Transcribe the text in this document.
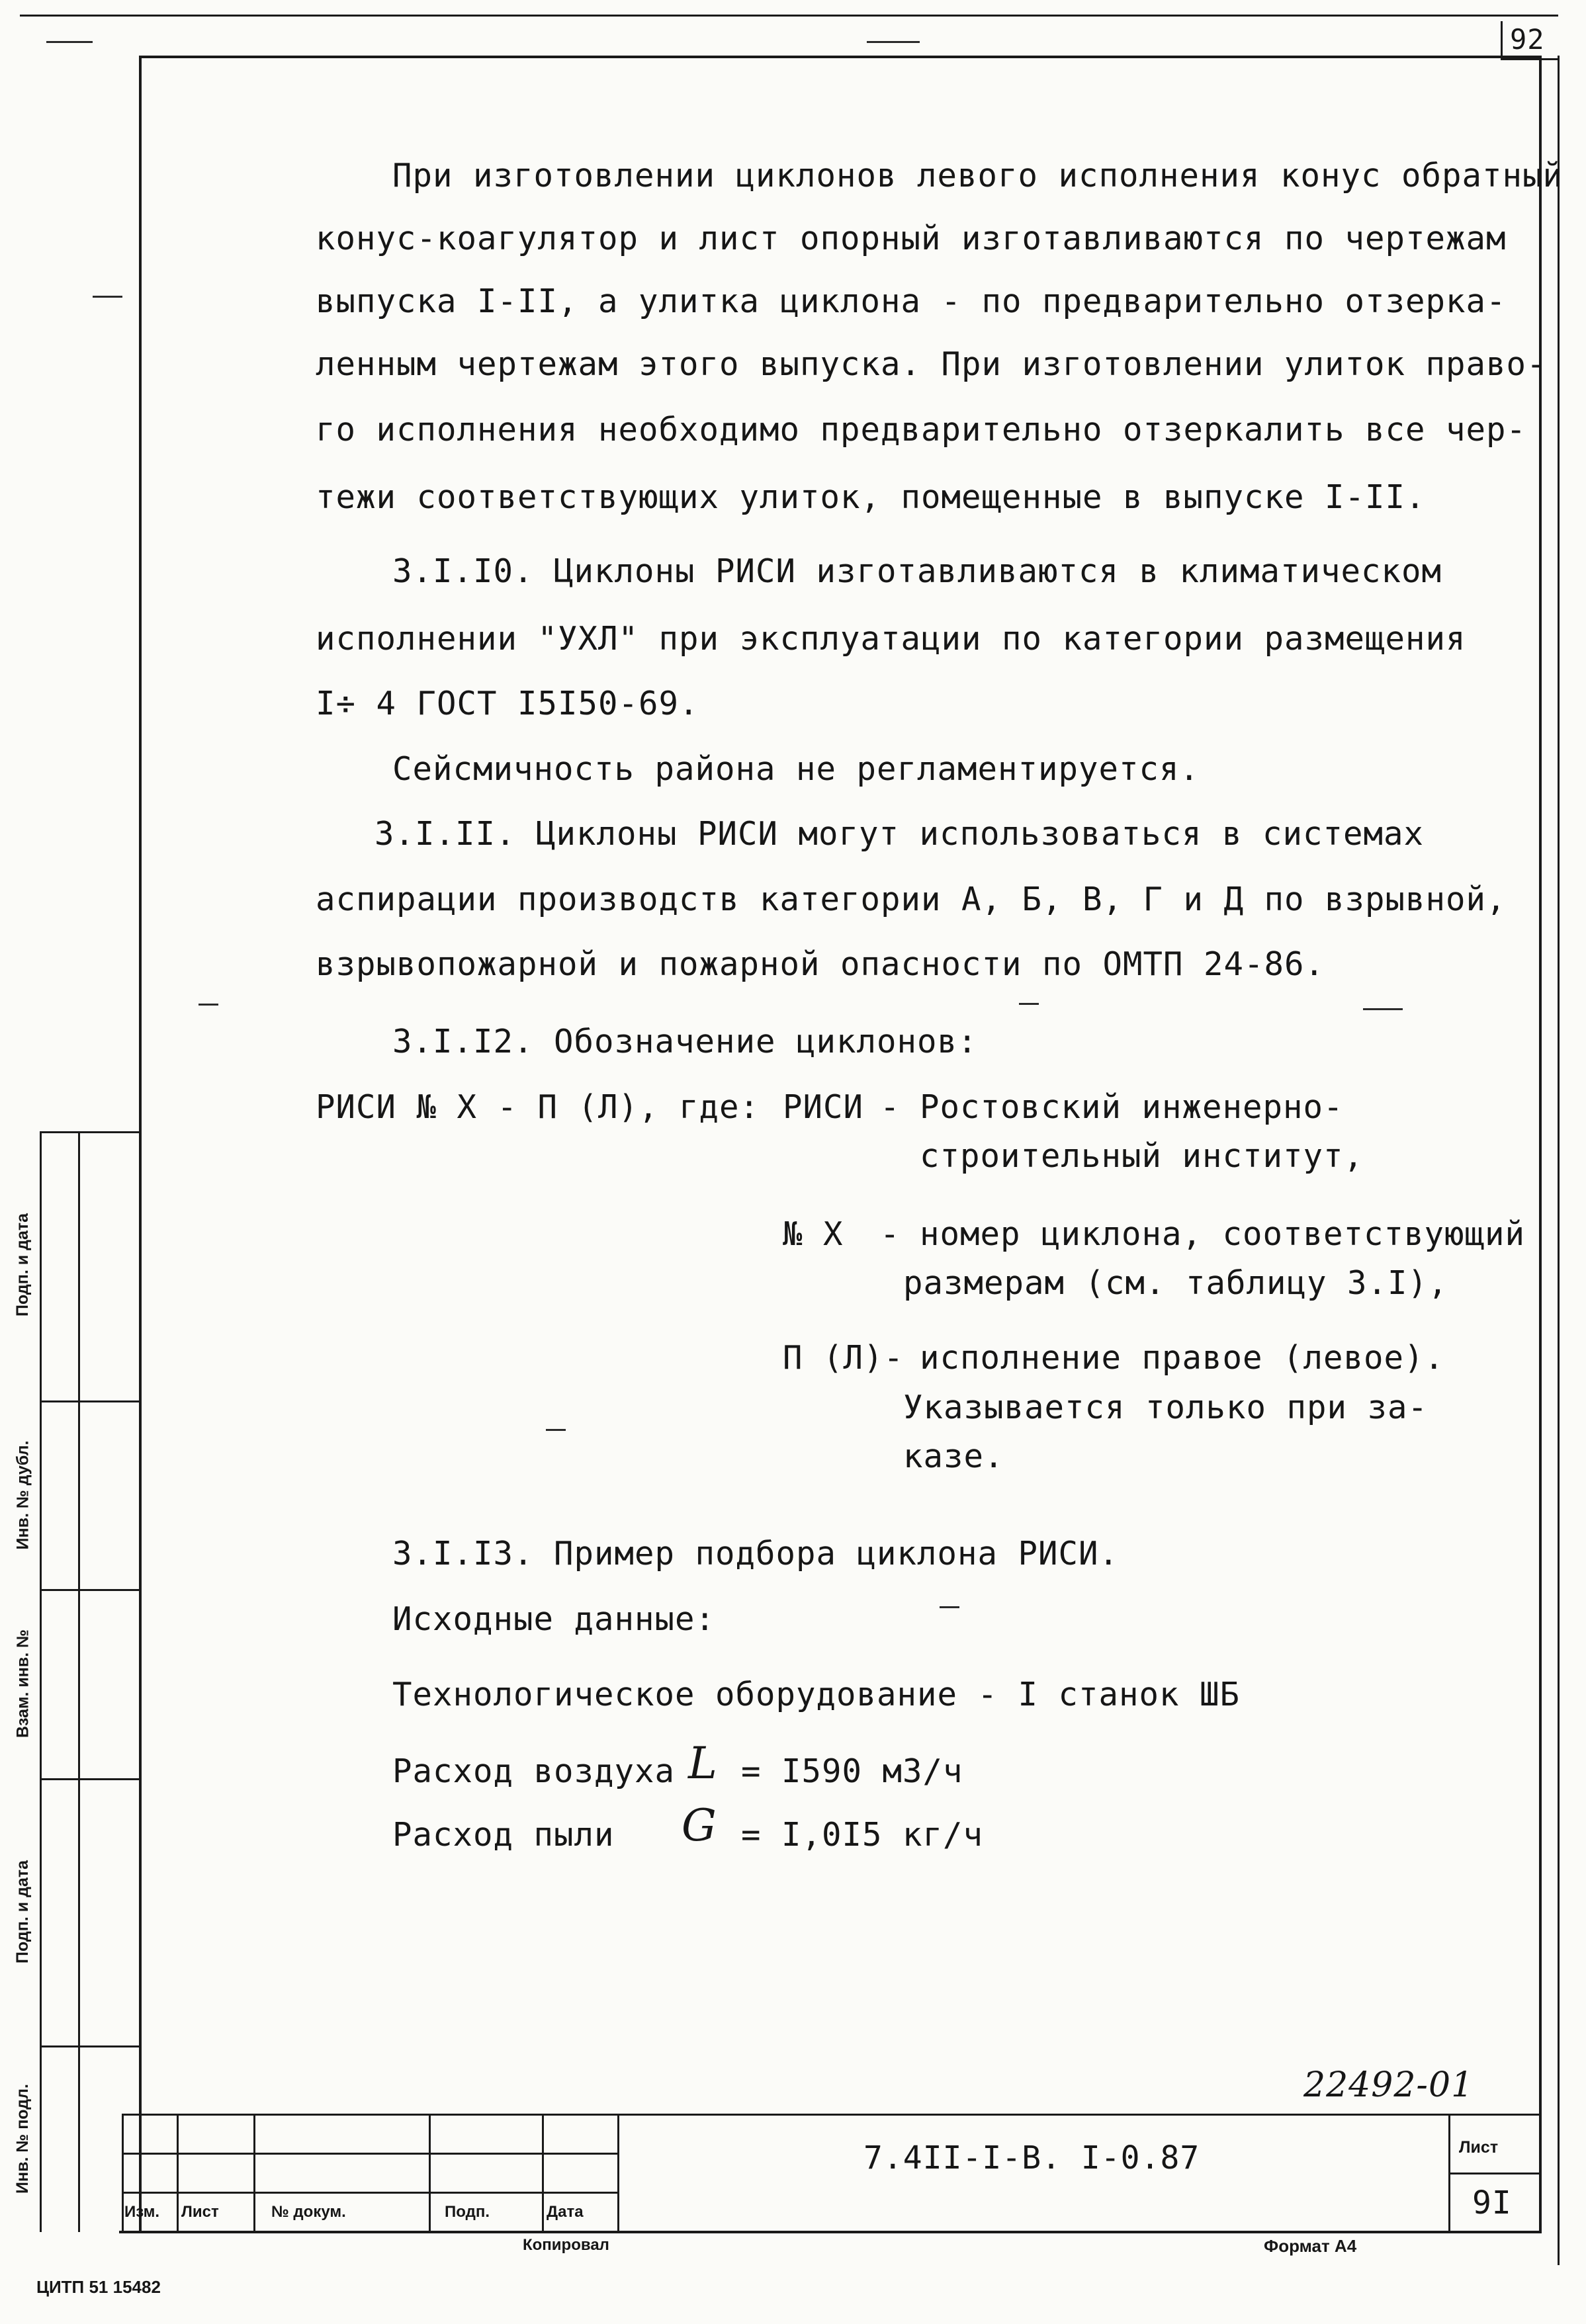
92
При изготовлении циклонов левого исполнения конус обратный
конус-коагулятор и лист опорный изготавливаются по чертежам
выпуска I-II, а улитка циклона - по предварительно отзерка-
ленным чертежам этого выпуска. При изготовлении улиток право-
го исполнения необходимо предварительно отзеркалить все чер-
тежи соответствующих улиток, помещенные в выпуске I-II.
3.I.I0. Циклоны РИСИ изготавливаются в климатическом
исполнении "УХЛ" при эксплуатации по категории размещения
I÷ 4 ГОСТ I5I50-69.
Сейсмичность района не регламентируется.
3.I.II. Циклоны РИСИ могут использоваться в системах
аспирации производств категории А, Б, В, Г и Д по взрывной,
взрывопожарной и пожарной опасности по ОМТП 24-86.
3.I.I2. Обозначение циклонов:
РИСИ № X - П (Л), где: РИСИ - Ростовский инженерно-
строительный институт,
№ X - номер циклона, соответствующий
размерам (см. таблицу 3.I),
П (Л)- исполнение правое (левое).
Указывается только при за-
казе.
3.I.I3. Пример подбора циклона РИСИ.
Исходные данные:
Технологическое оборудование - I станок ШБ
Расход воздуха L = I590 м3/ч
Расход пыли G = I,0I5 кг/ч
Подп. и дата
Инв. № дубл.
Взам. инв. №
Подп. и дата
Инв. № подл.
Изм. Лист	№ докум.	Подп.	Дата
22492-01
7.4II-I-В. I-0.87	Лист
9I
Копировал	Формат А4
ЦИТП 51 15482
